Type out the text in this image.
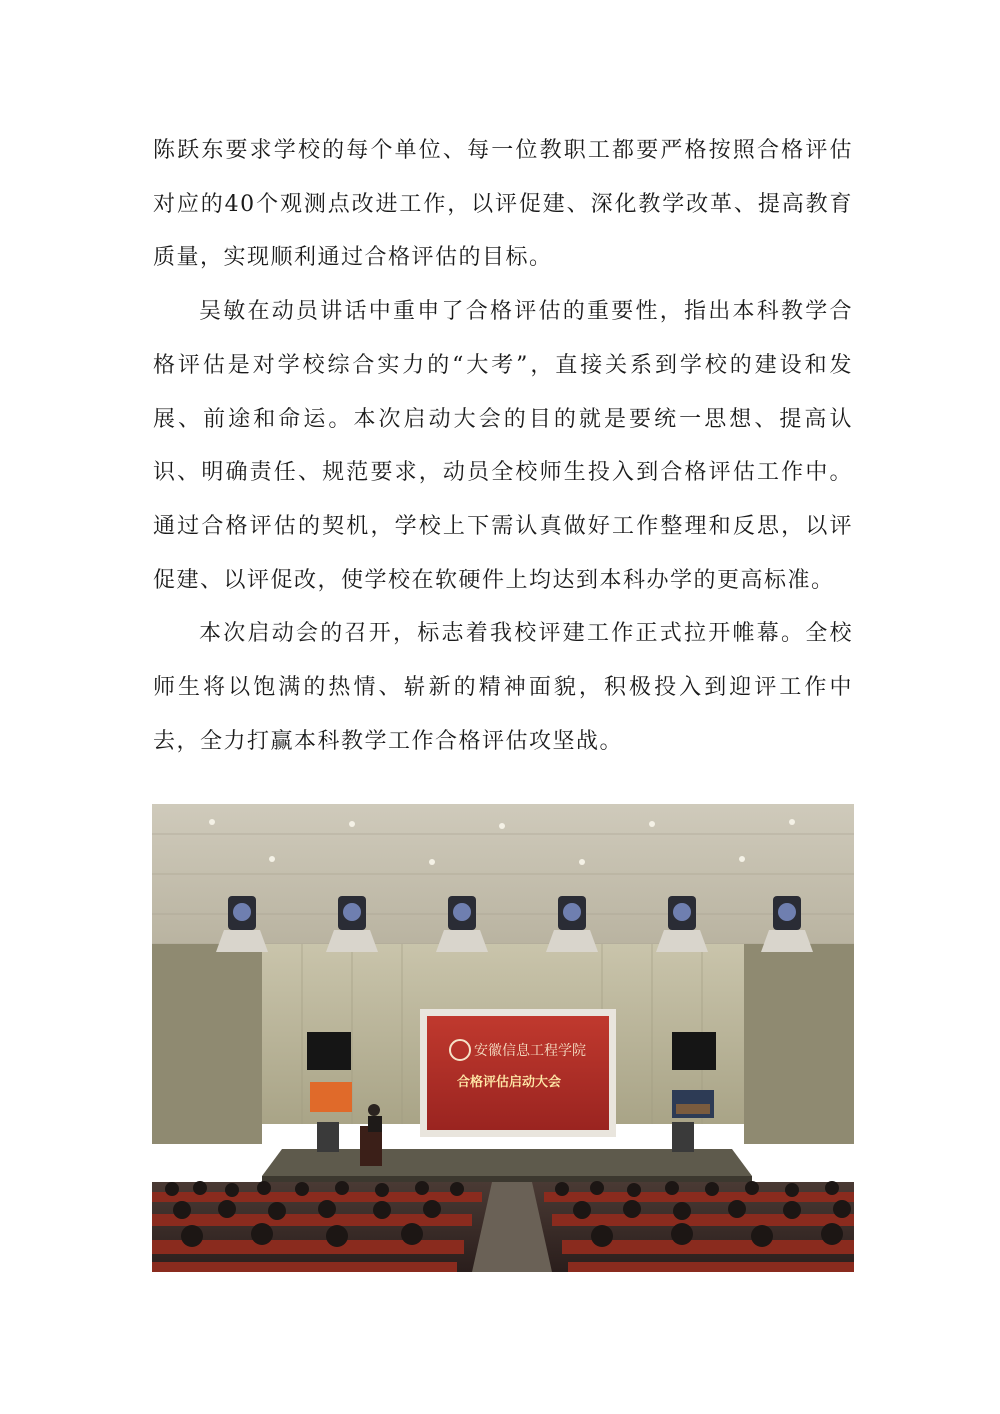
陈跃东要求学校的每个单位、每一位教职工都要严格按照合格评估对应的40个观测点改进工作，以评促建、深化教学改革、提高教育质量，实现顺利通过合格评估的目标。

吴敏在动员讲话中重申了合格评估的重要性，指出本科教学合格评估是对学校综合实力的“大考”，直接关系到学校的建设和发展、前途和命运。本次启动大会的目的就是要统一思想、提高认识、明确责任、规范要求，动员全校师生投入到合格评估工作中。通过合格评估的契机，学校上下需认真做好工作整理和反思，以评促建、以评促改，使学校在软硬件上均达到本科办学的更高标准。

本次启动会的召开，标志着我校评建工作正式拉开帷幕。全校师生将以饱满的热情、崭新的精神面貌，积极投入到迎评工作中去，全力打赢本科教学工作合格评估攻坚战。

安徽信息工程学院
合格评估启动大会
